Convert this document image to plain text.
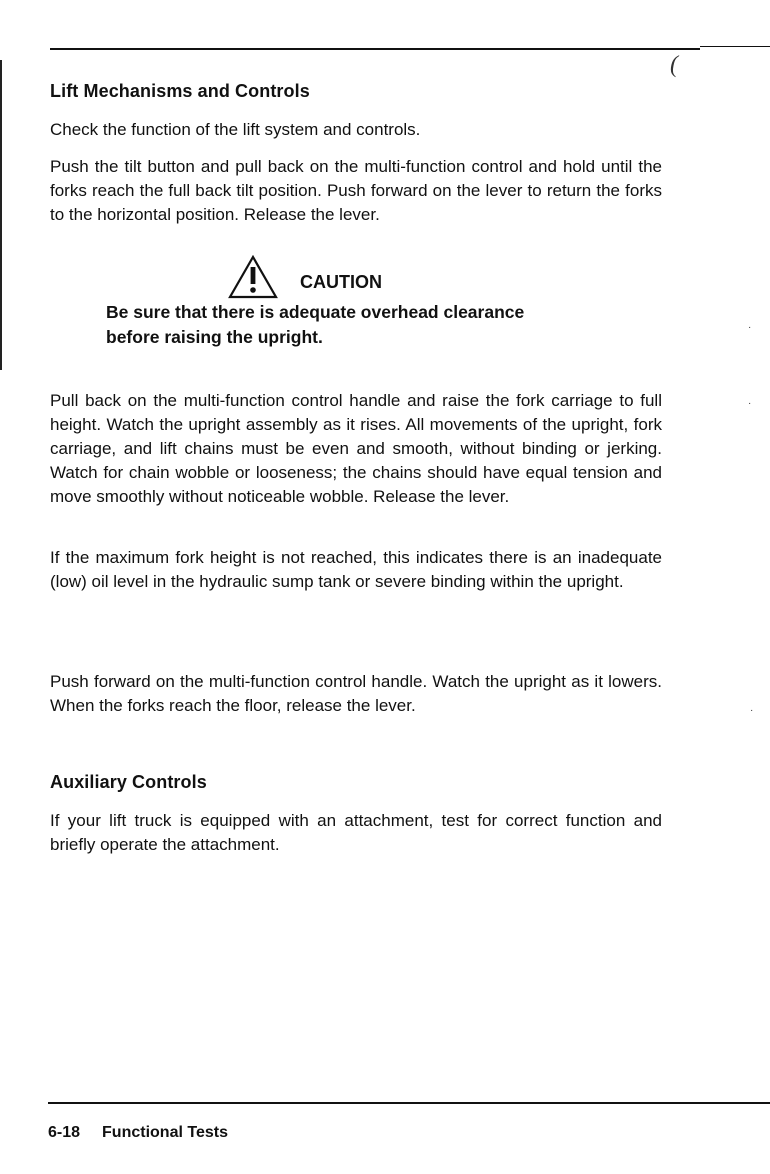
(
Lift Mechanisms and Controls

Check the function of the lift system and controls.

Push the tilt button and pull back on the multi-function control and hold until the forks reach the full back tilt position. Push forward on the lever to return the forks to the horizontal position. Release the lever.

CAUTION
Be sure that there is adequate overhead clearance
before raising the upright.

Pull back on the multi-function control handle and raise the fork carriage to full height. Watch the upright assembly as it rises. All movements of the upright, fork carriage, and lift chains must be even and smooth, without binding or jerking. Watch for chain wobble or looseness; the chains should have equal tension and move smoothly without noticeable wobble. Release the lever.

If the maximum fork height is not reached, this indicates there is an inadequate (low) oil level in the hydraulic sump tank or severe binding within the upright.

Push forward on the multi-function control handle. Watch the upright as it lowers. When the forks reach the floor, release the lever.

Auxiliary Controls

If your lift truck is equipped with an attachment, test for correct function and briefly operate the attachment.

·
·
·
6-18 Functional Tests
